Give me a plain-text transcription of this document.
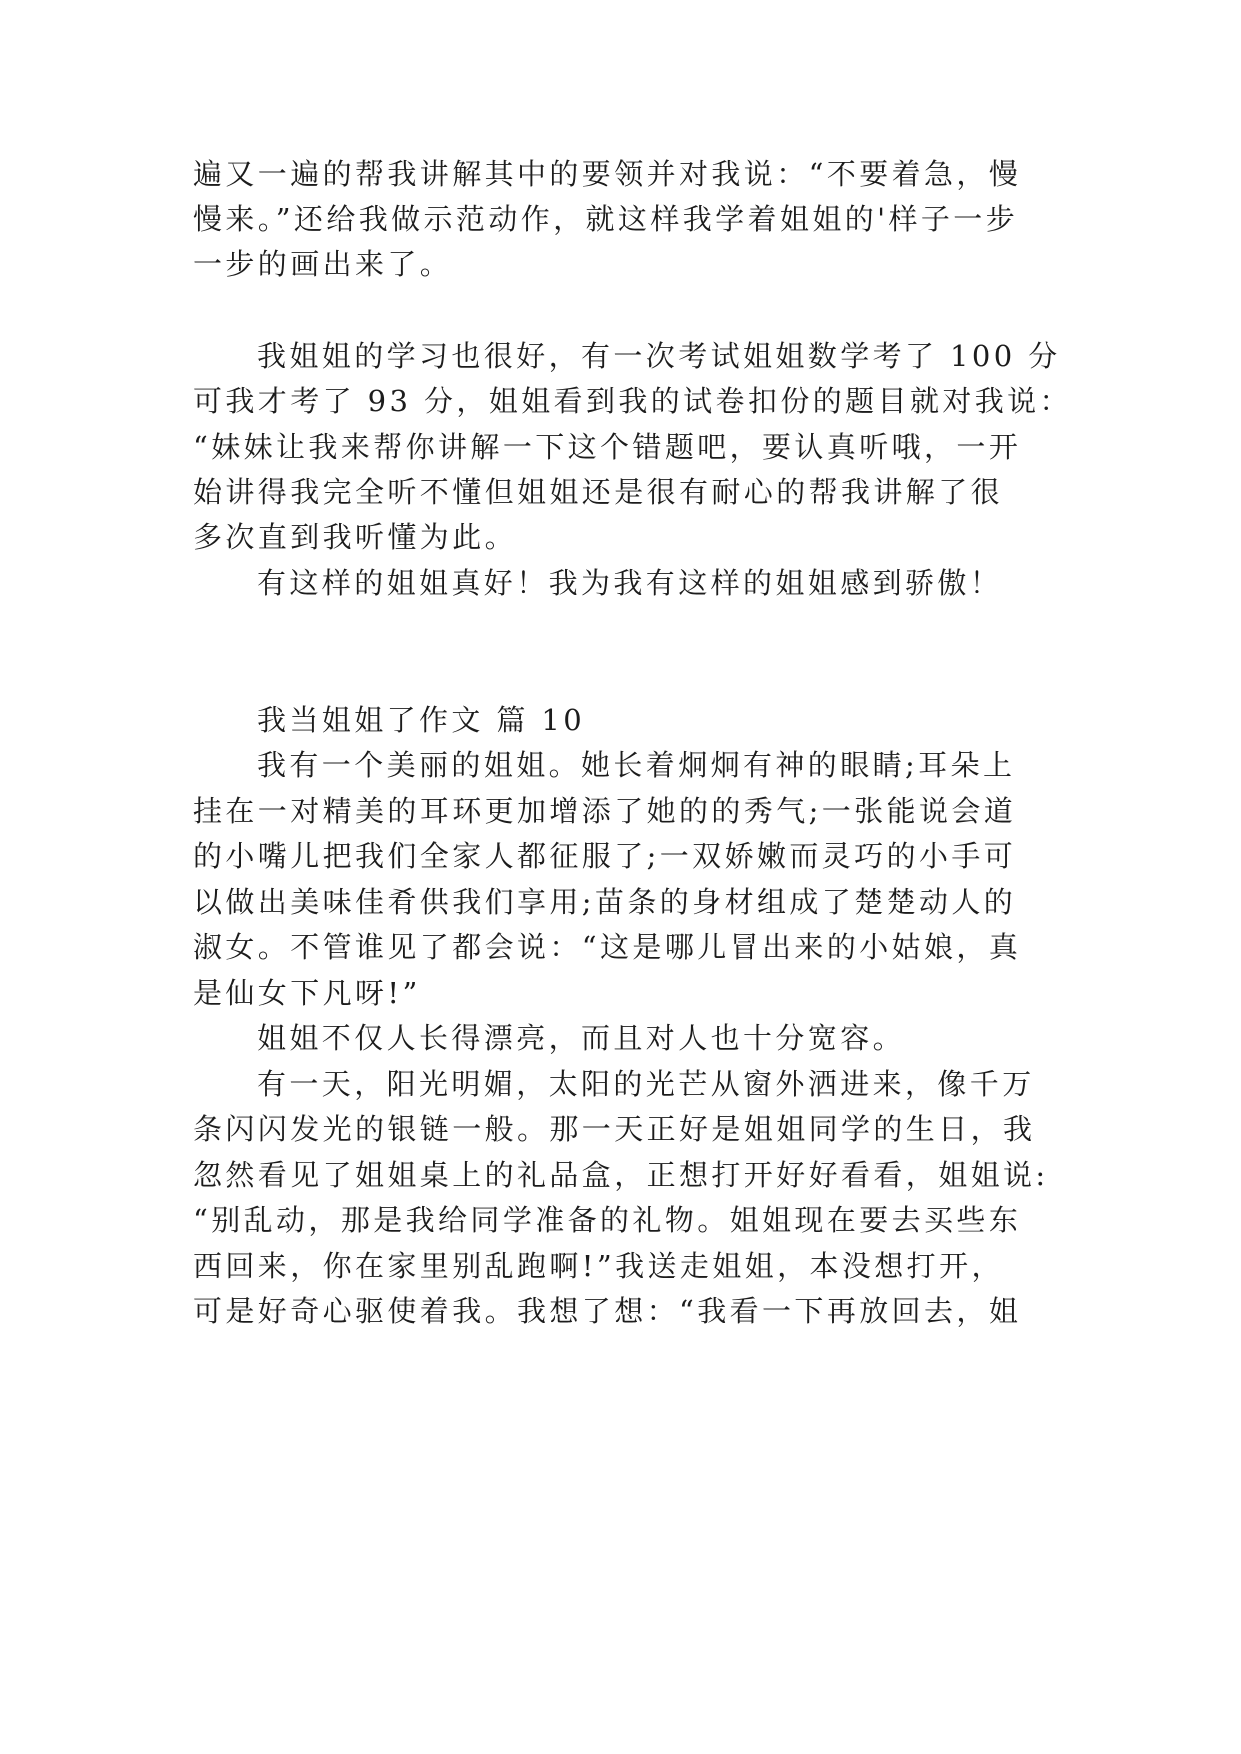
遍又一遍的帮我讲解其中的要领并对我说：“不要着急，慢
慢来。”还给我做示范动作，就这样我学着姐姐的'样子一步
一步的画出来了。
我姐姐的学习也很好，有一次考试姐姐数学考了 100 分
可我才考了 93 分，姐姐看到我的试卷扣份的题目就对我说：
“妹妹让我来帮你讲解一下这个错题吧，要认真听哦，一开
始讲得我完全听不懂但姐姐还是很有耐心的帮我讲解了很
多次直到我听懂为此。
有这样的姐姐真好！我为我有这样的姐姐感到骄傲！
我当姐姐了作文 篇 10
我有一个美丽的姐姐。她长着炯炯有神的眼睛;耳朵上
挂在一对精美的耳环更加增添了她的的秀气;一张能说会道
的小嘴儿把我们全家人都征服了;一双娇嫩而灵巧的小手可
以做出美味佳肴供我们享用;苗条的身材组成了楚楚动人的
淑女。不管谁见了都会说：“这是哪儿冒出来的小姑娘，真
是仙女下凡呀!”
姐姐不仅人长得漂亮，而且对人也十分宽容。
有一天，阳光明媚，太阳的光芒从窗外洒进来，像千万
条闪闪发光的银链一般。那一天正好是姐姐同学的生日，我
忽然看见了姐姐桌上的礼品盒，正想打开好好看看，姐姐说:
“别乱动，那是我给同学准备的礼物。姐姐现在要去买些东
西回来，你在家里别乱跑啊!”我送走姐姐，本没想打开，
可是好奇心驱使着我。我想了想：“我看一下再放回去，姐
